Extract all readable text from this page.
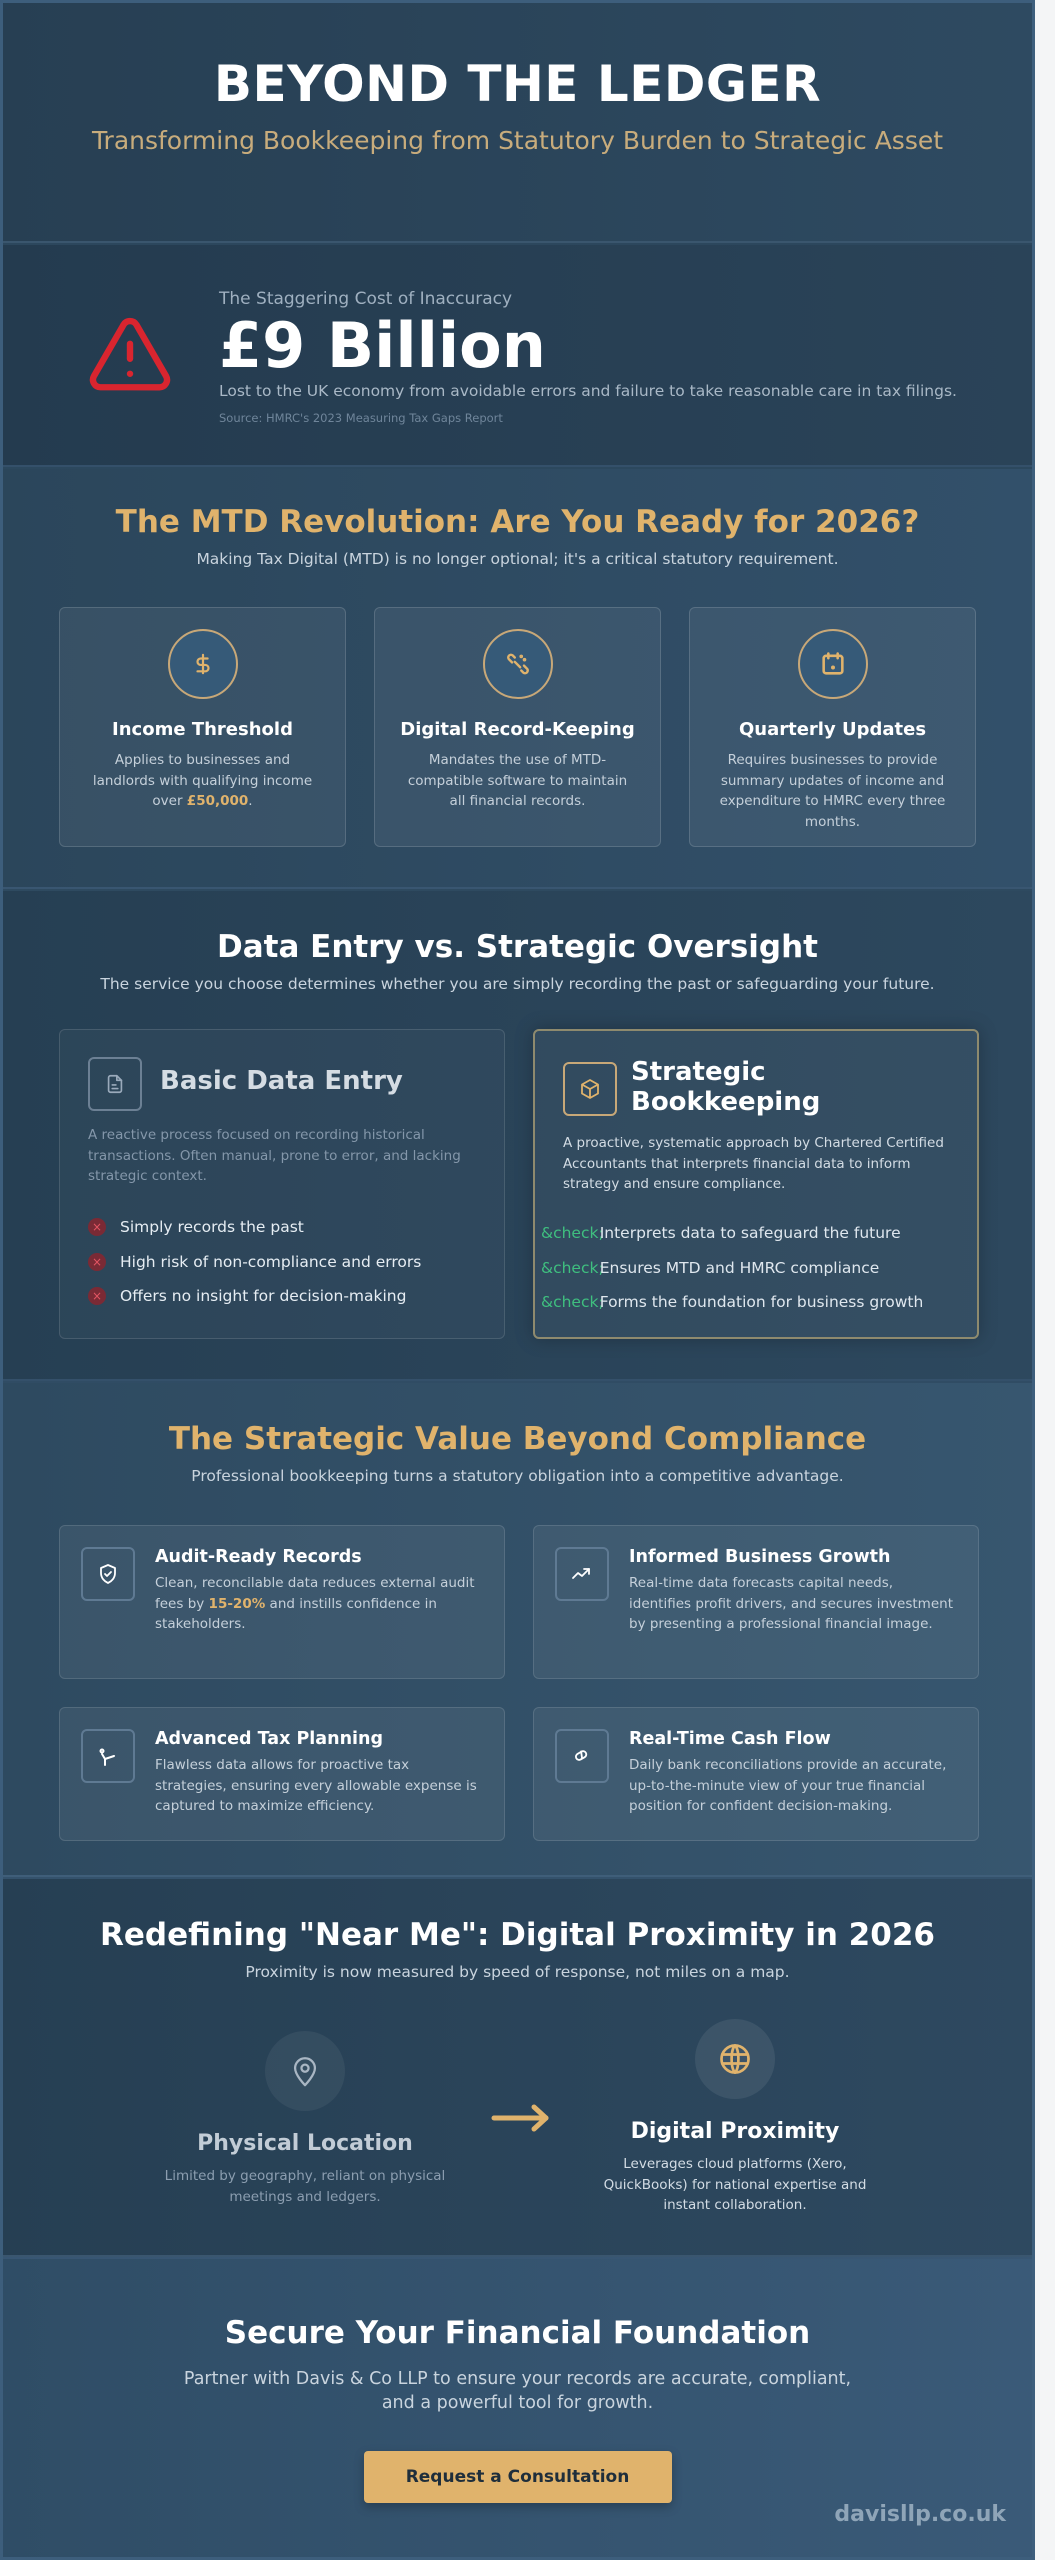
BEYOND THE LEDGER
Transforming Bookkeeping from Statutory Burden to Strategic Asset
The Staggering Cost of Inaccuracy
£9 Billion
Lost to the UK economy from avoidable errors and failure to take reasonable care in tax filings.
Source: HMRC's 2023 Measuring Tax Gaps Report
The MTD Revolution: Are You Ready for 2026?
Making Tax Digital (MTD) is no longer optional; it's a critical statutory requirement.
Income Threshold

Applies to businesses and landlords with qualifying income over £50,000.

Digital Record-Keeping

Mandates the use of MTD-compatible software to maintain all financial records.

Quarterly Updates

Requires businesses to provide summary updates of income and expenditure to HMRC every three months.

Data Entry vs. Strategic Oversight
The service you choose determines whether you are simply recording the past or safeguarding your future.
Basic Data Entry
A reactive process focused on recording historical transactions. Often manual, prone to error, and lacking strategic context.
× Simply records the past
× High risk of non-compliance and errors
× Offers no insight for decision-making
Strategic Bookkeeping
A proactive, systematic approach by Chartered Certified Accountants that interprets financial data to inform strategy and ensure compliance.
&check;
Interprets data to safeguard the future
&check;
Ensures MTD and HMRC compliance
&check;
Forms the foundation for business growth
The Strategic Value Beyond Compliance
Professional bookkeeping turns a statutory obligation into a competitive advantage.
Audit-Ready Records

Clean, reconcilable data reduces external audit fees by 15-20% and instills confidence in stakeholders.

Informed Business Growth

Real-time data forecasts capital needs, identifies profit drivers, and secures investment by presenting a professional financial image.

Advanced Tax Planning

Flawless data allows for proactive tax strategies, ensuring every allowable expense is captured to maximize efficiency.

Real-Time Cash Flow

Daily bank reconciliations provide an accurate, up-to-the-minute view of your true financial position for confident decision-making.

Redefining "Near Me": Digital Proximity in 2026
Proximity is now measured by speed of response, not miles on a map.
Physical Location

Limited by geography, reliant on physical meetings and ledgers.

Digital Proximity

Leverages cloud platforms (Xero, QuickBooks) for national expertise and instant collaboration.

Secure Your Financial Foundation

Partner with Davis & Co LLP to ensure your records are accurate, compliant, and a powerful tool for growth.

Request a Consultation
davisllp.co.uk
